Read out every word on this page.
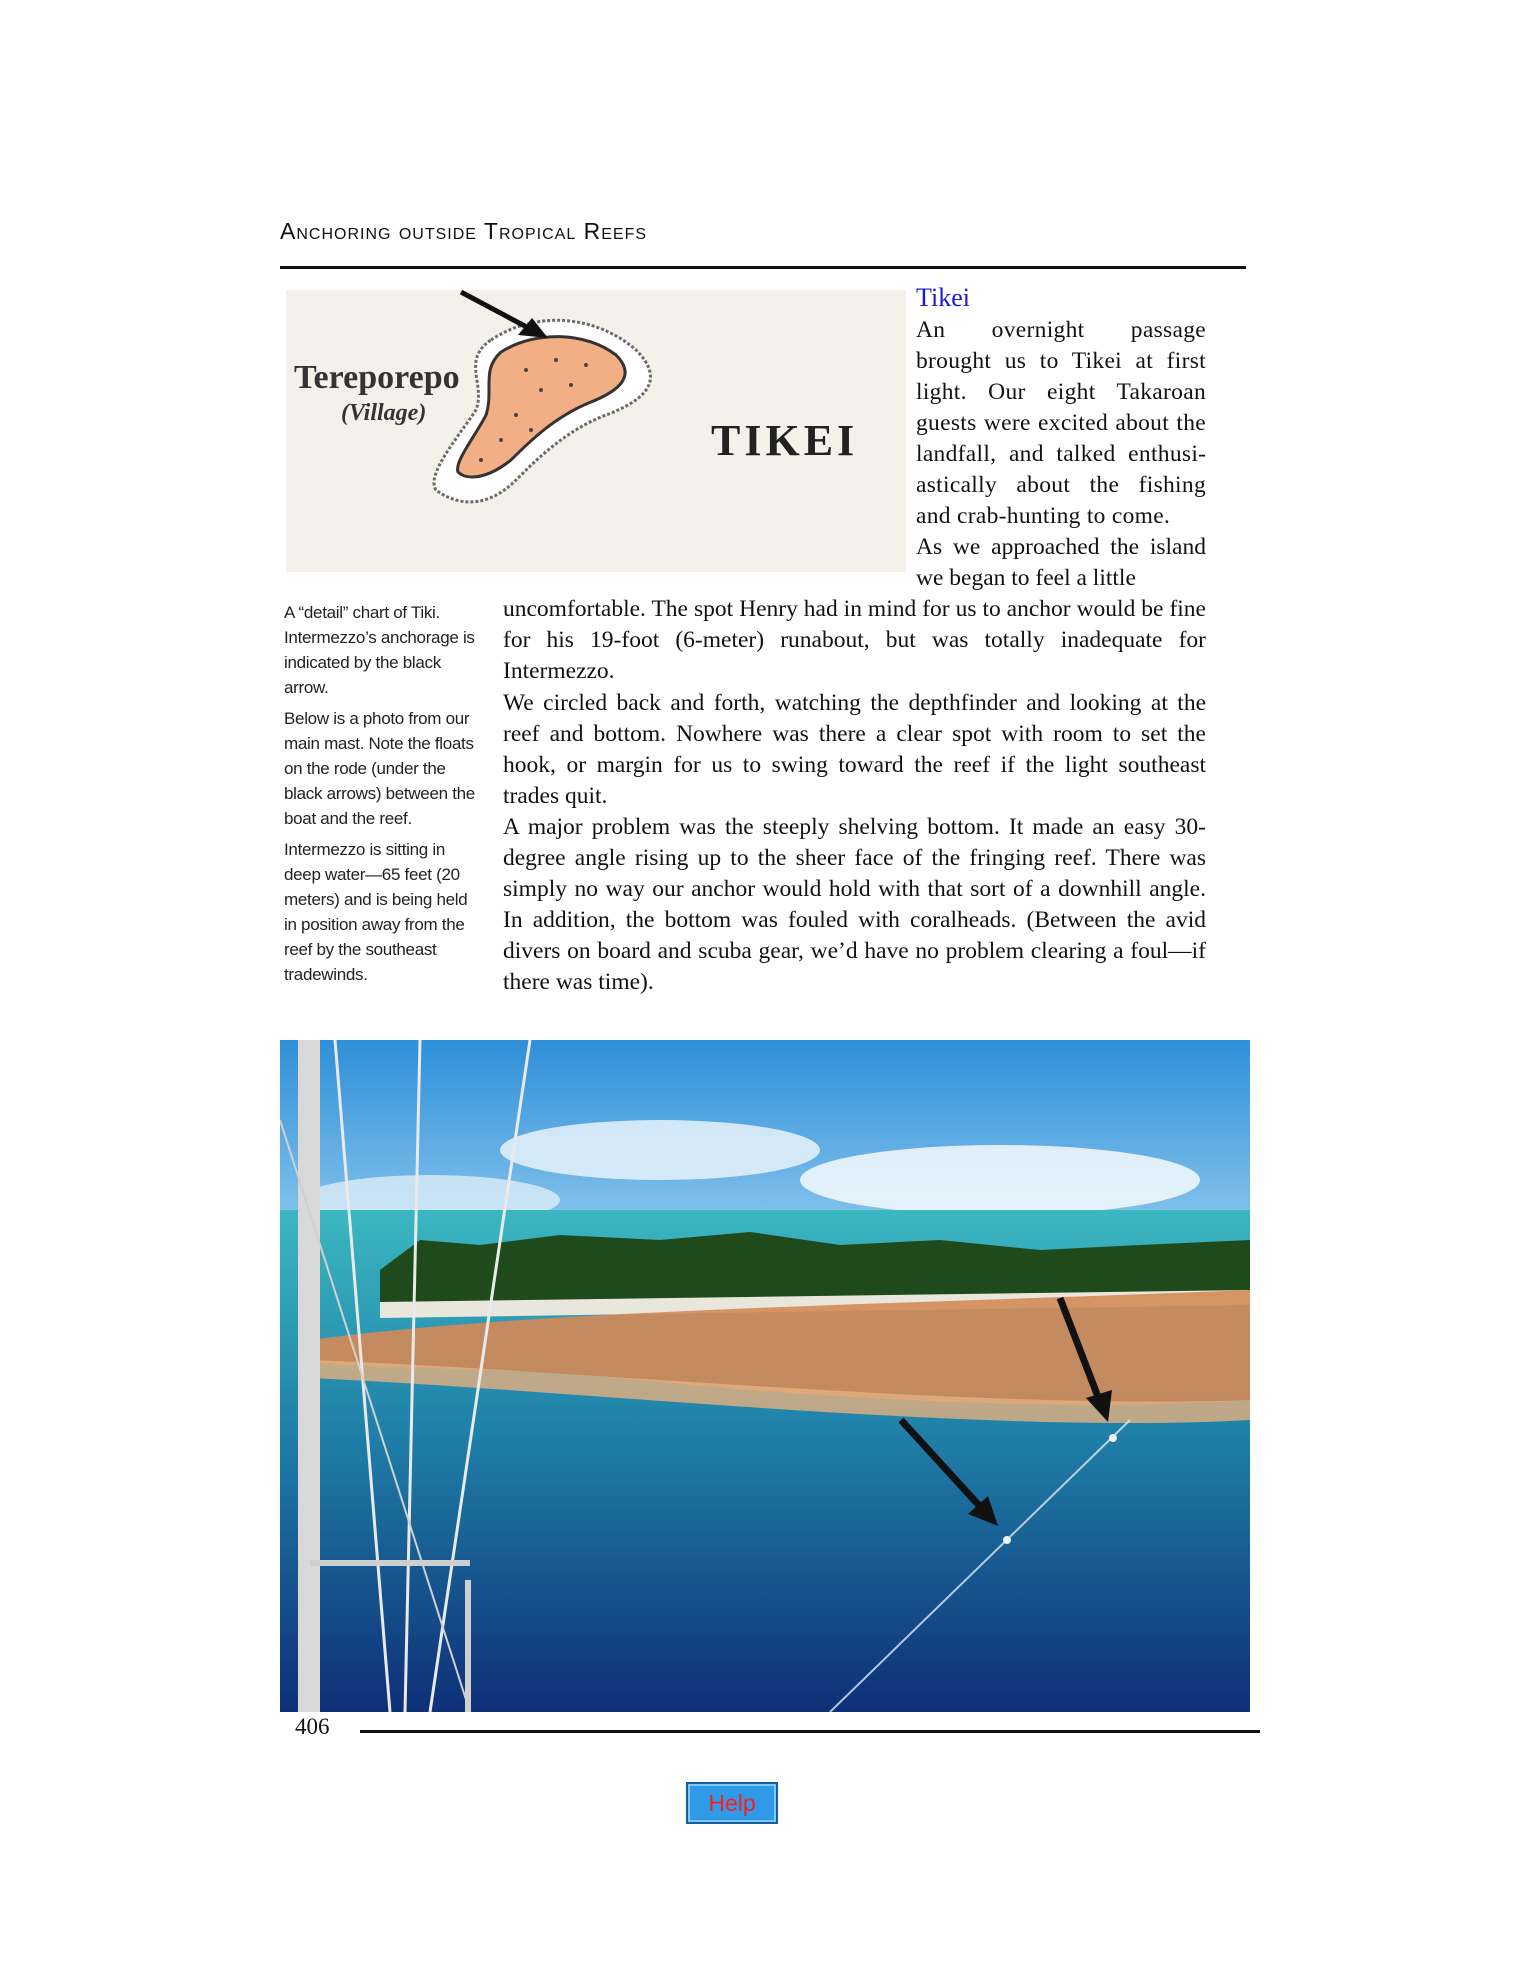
Anchoring outside Tropical Reefs
Tereporepo
(Village)
TIKEI

A “detail” chart of Tiki. Intermezzo’s anchorage is indicated by the black arrow.

Below is a photo from our main mast. Note the floats on the rode (under the black arrows) between the boat and the reef.

Intermezzo is sitting in deep water—65 feet (20 meters) and is being held in position away from the reef by the southeast tradewinds.

Tikei
An overnight passage brought us to Tikei at first light. Our eight Takaroan guests were excited about the landfall, and talked enthusiastically about the fishing and crab-hunting to come.
As we approached the island we began to feel a little
uncomfortable. The spot Henry had in mind for us to anchor would be fine for his 19-foot (6-meter) runabout, but was totally inadequate for Intermezzo.
We circled back and forth, watching the depthfinder and looking at the reef and bottom. Nowhere was there a clear spot with room to set the hook, or margin for us to swing toward the reef if the light southeast trades quit.
A major problem was the steeply shelving bottom. It made an easy 30-degree angle rising up to the sheer face of the fringing reef. There was simply no way our anchor would hold with that sort of a downhill angle. In addition, the bottom was fouled with coralheads. (Between the avid divers on board and scuba gear, we’d have no problem clearing a foul—if there was time).
406
Help
